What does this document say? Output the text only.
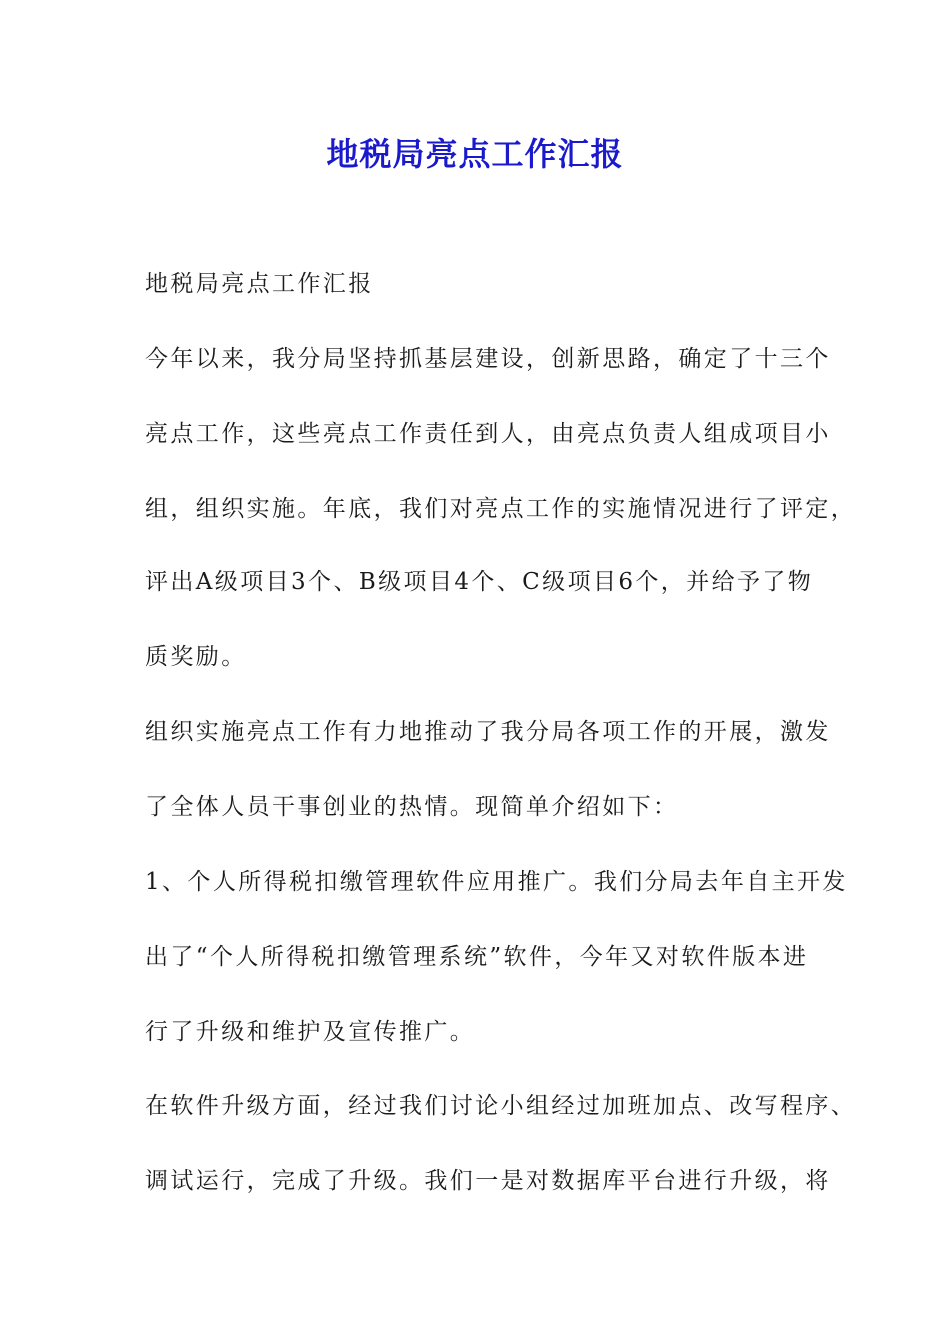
地税局亮点工作汇报
地税局亮点工作汇报
今年以来，我分局坚持抓基层建设，创新思路，确定了十三个
亮点工作，这些亮点工作责任到人，由亮点负责人组成项目小
组，组织实施。年底，我们对亮点工作的实施情况进行了评定，
评出A级项目3个、B级项目4个、C级项目6个，并给予了物
质奖励。
组织实施亮点工作有力地推动了我分局各项工作的开展，激发
了全体人员干事创业的热情。现简单介绍如下：
1、个人所得税扣缴管理软件应用推广。我们分局去年自主开发
出了“个人所得税扣缴管理系统”软件，今年又对软件版本进
行了升级和维护及宣传推广。
在软件升级方面，经过我们讨论小组经过加班加点、改写程序、
调试运行，完成了升级。我们一是对数据库平台进行升级，将
